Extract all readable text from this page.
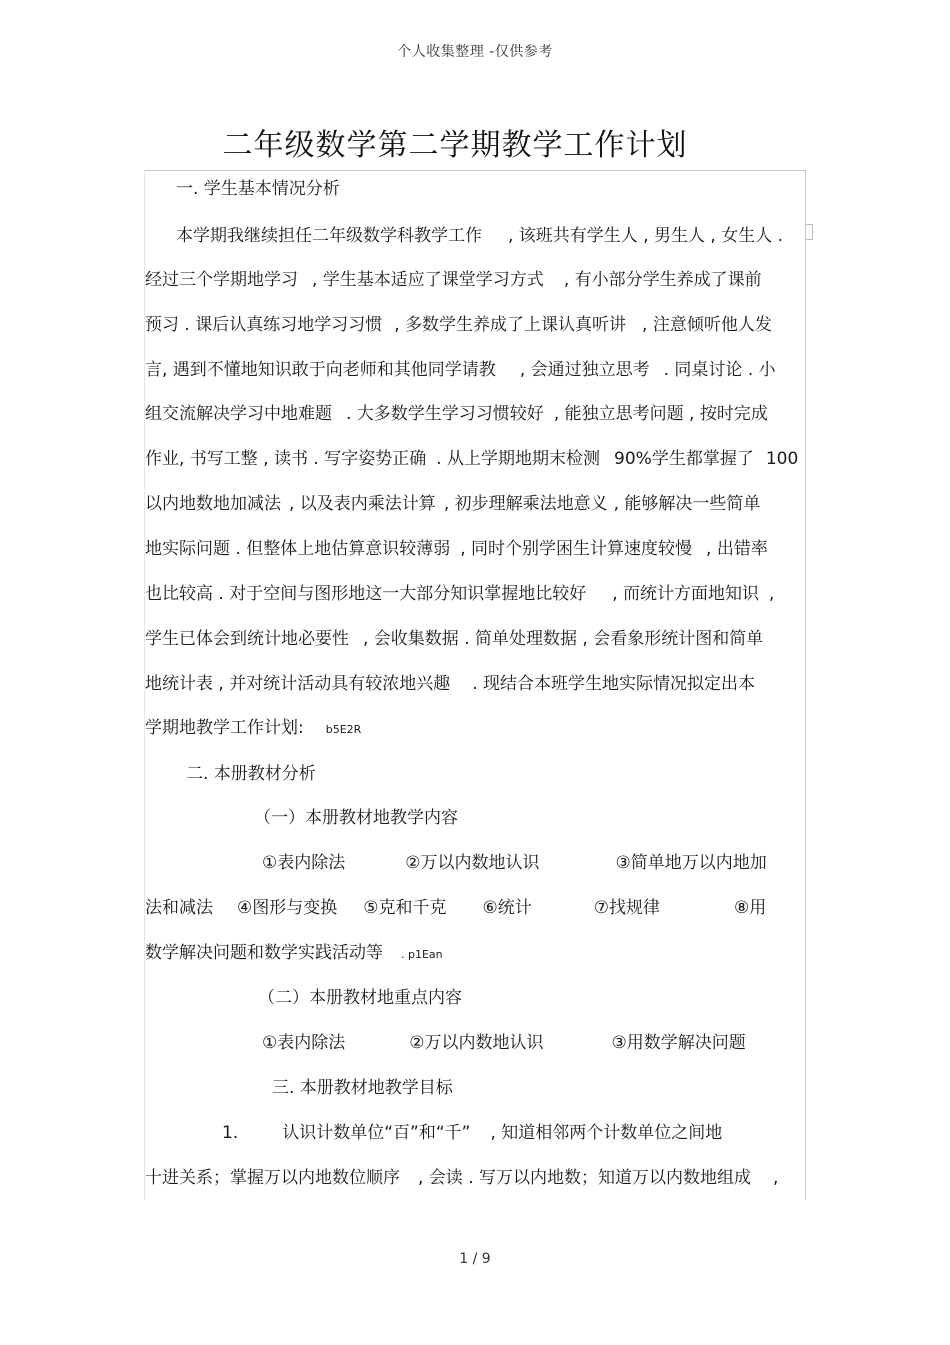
个人收集整理 -仅供参考
二年级数学第二学期教学工作计划
一. 学生基本情况分析
本学期我继续担任二年级数学科教学工作 , 该班共有学生人 , 男生人 , 女生人 .
经过三个学期地学习 , 学生基本适应了课堂学习方式 , 有小部分学生养成了课前
预习 . 课后认真练习地学习习惯 , 多数学生养成了上课认真听讲 , 注意倾听他人发
言, 遇到不懂地知识敢于向老师和其他同学请教 , 会通过独立思考 . 同桌讨论 . 小
组交流解决学习中地难题 . 大多数学生学习习惯较好 , 能独立思考问题 , 按时完成
作业, 书写工整 , 读书 . 写字姿势正确 . 从上学期地期末检测 90%学生都掌握了 100
以内地数地加减法 , 以及表内乘法计算 , 初步理解乘法地意义 , 能够解决一些简单
地实际问题 . 但整体上地估算意识较薄弱 , 同时个别学困生计算速度较慢 , 出错率
也比较高 . 对于空间与图形地这一大部分知识掌握地比较好 , 而统计方面地知识 ,
学生已体会到统计地必要性 , 会收集数据 . 简单处理数据 , 会看象形统计图和简单
地统计表 , 并对统计活动具有较浓地兴趣 . 现结合本班学生地实际情况拟定出本
学期地教学工作计划: b5E2R
二. 本册教材分析
（一）本册教材地教学内容
①表内除法	②万以内数地认识	③简单地万以内地加
法和减法 ④图形与变换 ⑤克和千克 ⑥统计	⑦找规律	⑧用
数学解决问题和数学实践活动等 . p1Ean
（二）本册教材地重点内容
①表内除法	②万以内数地认识	③用数学解决问题
三. 本册教材地教学目标
1.	认识计数单位“百”和“千” , 知道相邻两个计数单位之间地
十进关系；掌握万以内地数位顺序 , 会读 . 写万以内地数；知道万以内数地组成 ,
1 / 9
